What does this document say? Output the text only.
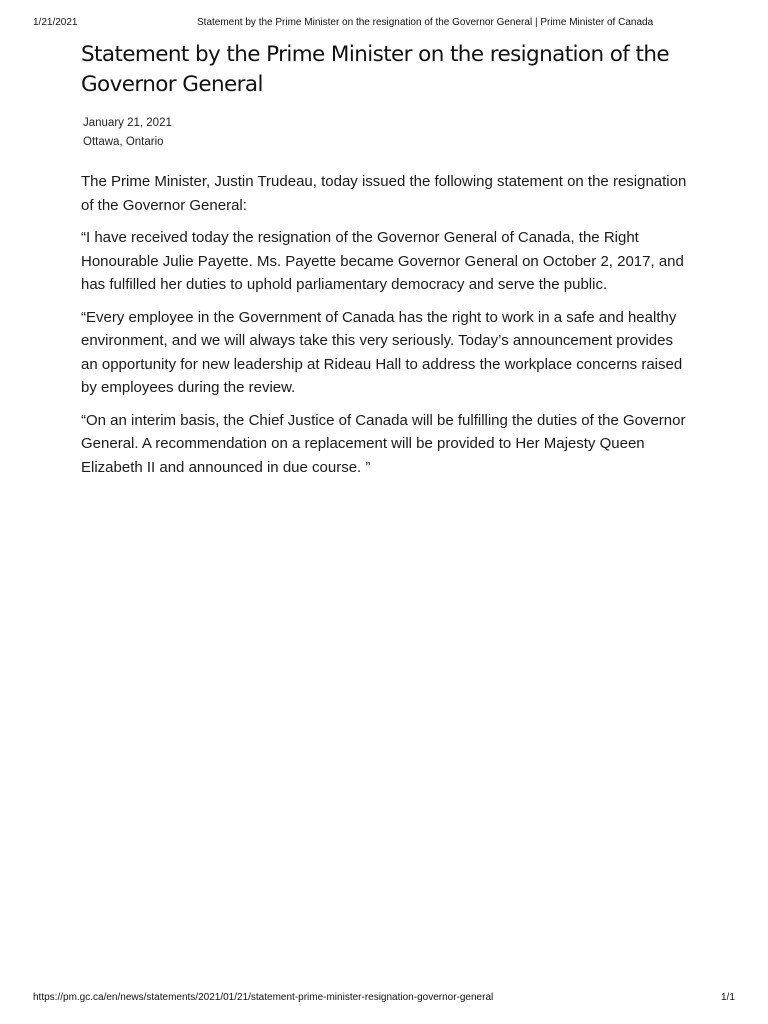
1/21/2021	Statement by the Prime Minister on the resignation of the Governor General | Prime Minister of Canada
Statement by the Prime Minister on the resignation of the Governor General
January 21, 2021
Ottawa, Ontario

The Prime Minister, Justin Trudeau, today issued the following statement on the resignation of the Governor General:

“I have received today the resignation of the Governor General of Canada, the Right Honourable Julie Payette. Ms. Payette became Governor General on October 2, 2017, and has fulfilled her duties to uphold parliamentary democracy and serve the public.

“Every employee in the Government of Canada has the right to work in a safe and healthy environment, and we will always take this very seriously. Today’s announcement provides an opportunity for new leadership at Rideau Hall to address the workplace concerns raised by employees during the review.

“On an interim basis, the Chief Justice of Canada will be fulfilling the duties of the Governor General. A recommendation on a replacement will be provided to Her Majesty Queen Elizabeth II and announced in due course. ”

https://pm.gc.ca/en/news/statements/2021/01/21/statement-prime-minister-resignation-governor-general	1/1
